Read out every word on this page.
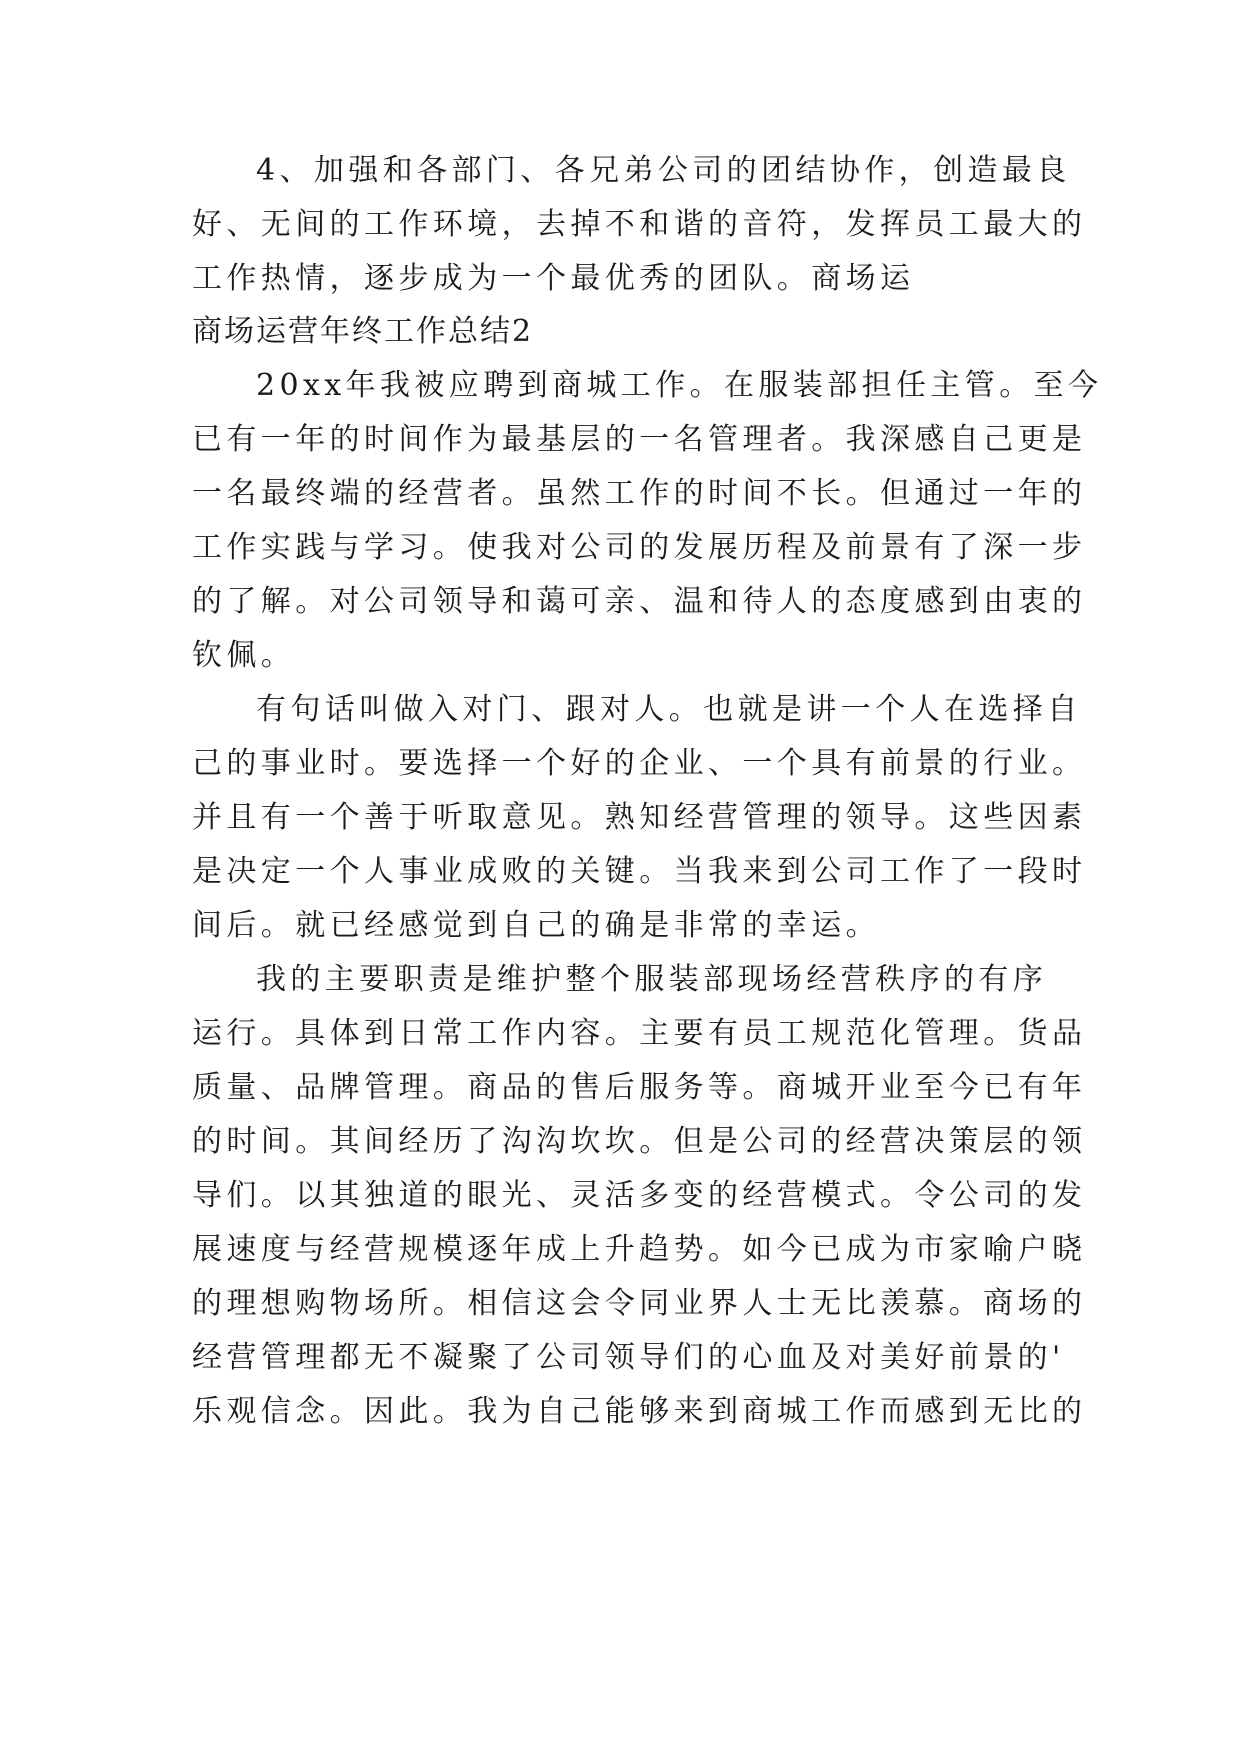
4、加强和各部门、各兄弟公司的团结协作，创造最良
好、无间的工作环境，去掉不和谐的音符，发挥员工最大的
工作热情，逐步成为一个最优秀的团队。商场运
商场运营年终工作总结2
20xx年我被应聘到商城工作。在服装部担任主管。至今
已有一年的时间作为最基层的一名管理者。我深感自己更是
一名最终端的经营者。虽然工作的时间不长。但通过一年的
工作实践与学习。使我对公司的发展历程及前景有了深一步
的了解。对公司领导和蔼可亲、温和待人的态度感到由衷的
钦佩。
有句话叫做入对门、跟对人。也就是讲一个人在选择自
己的事业时。要选择一个好的企业、一个具有前景的行业。
并且有一个善于听取意见。熟知经营管理的领导。这些因素
是决定一个人事业成败的关键。当我来到公司工作了一段时
间后。就已经感觉到自己的确是非常的幸运。
我的主要职责是维护整个服装部现场经营秩序的有序
运行。具体到日常工作内容。主要有员工规范化管理。货品
质量、品牌管理。商品的售后服务等。商城开业至今已有年
的时间。其间经历了沟沟坎坎。但是公司的经营决策层的领
导们。以其独道的眼光、灵活多变的经营模式。令公司的发
展速度与经营规模逐年成上升趋势。如今已成为市家喻户晓
的理想购物场所。相信这会令同业界人士无比羡慕。商场的
经营管理都无不凝聚了公司领导们的心血及对美好前景的'
乐观信念。因此。我为自己能够来到商城工作而感到无比的
